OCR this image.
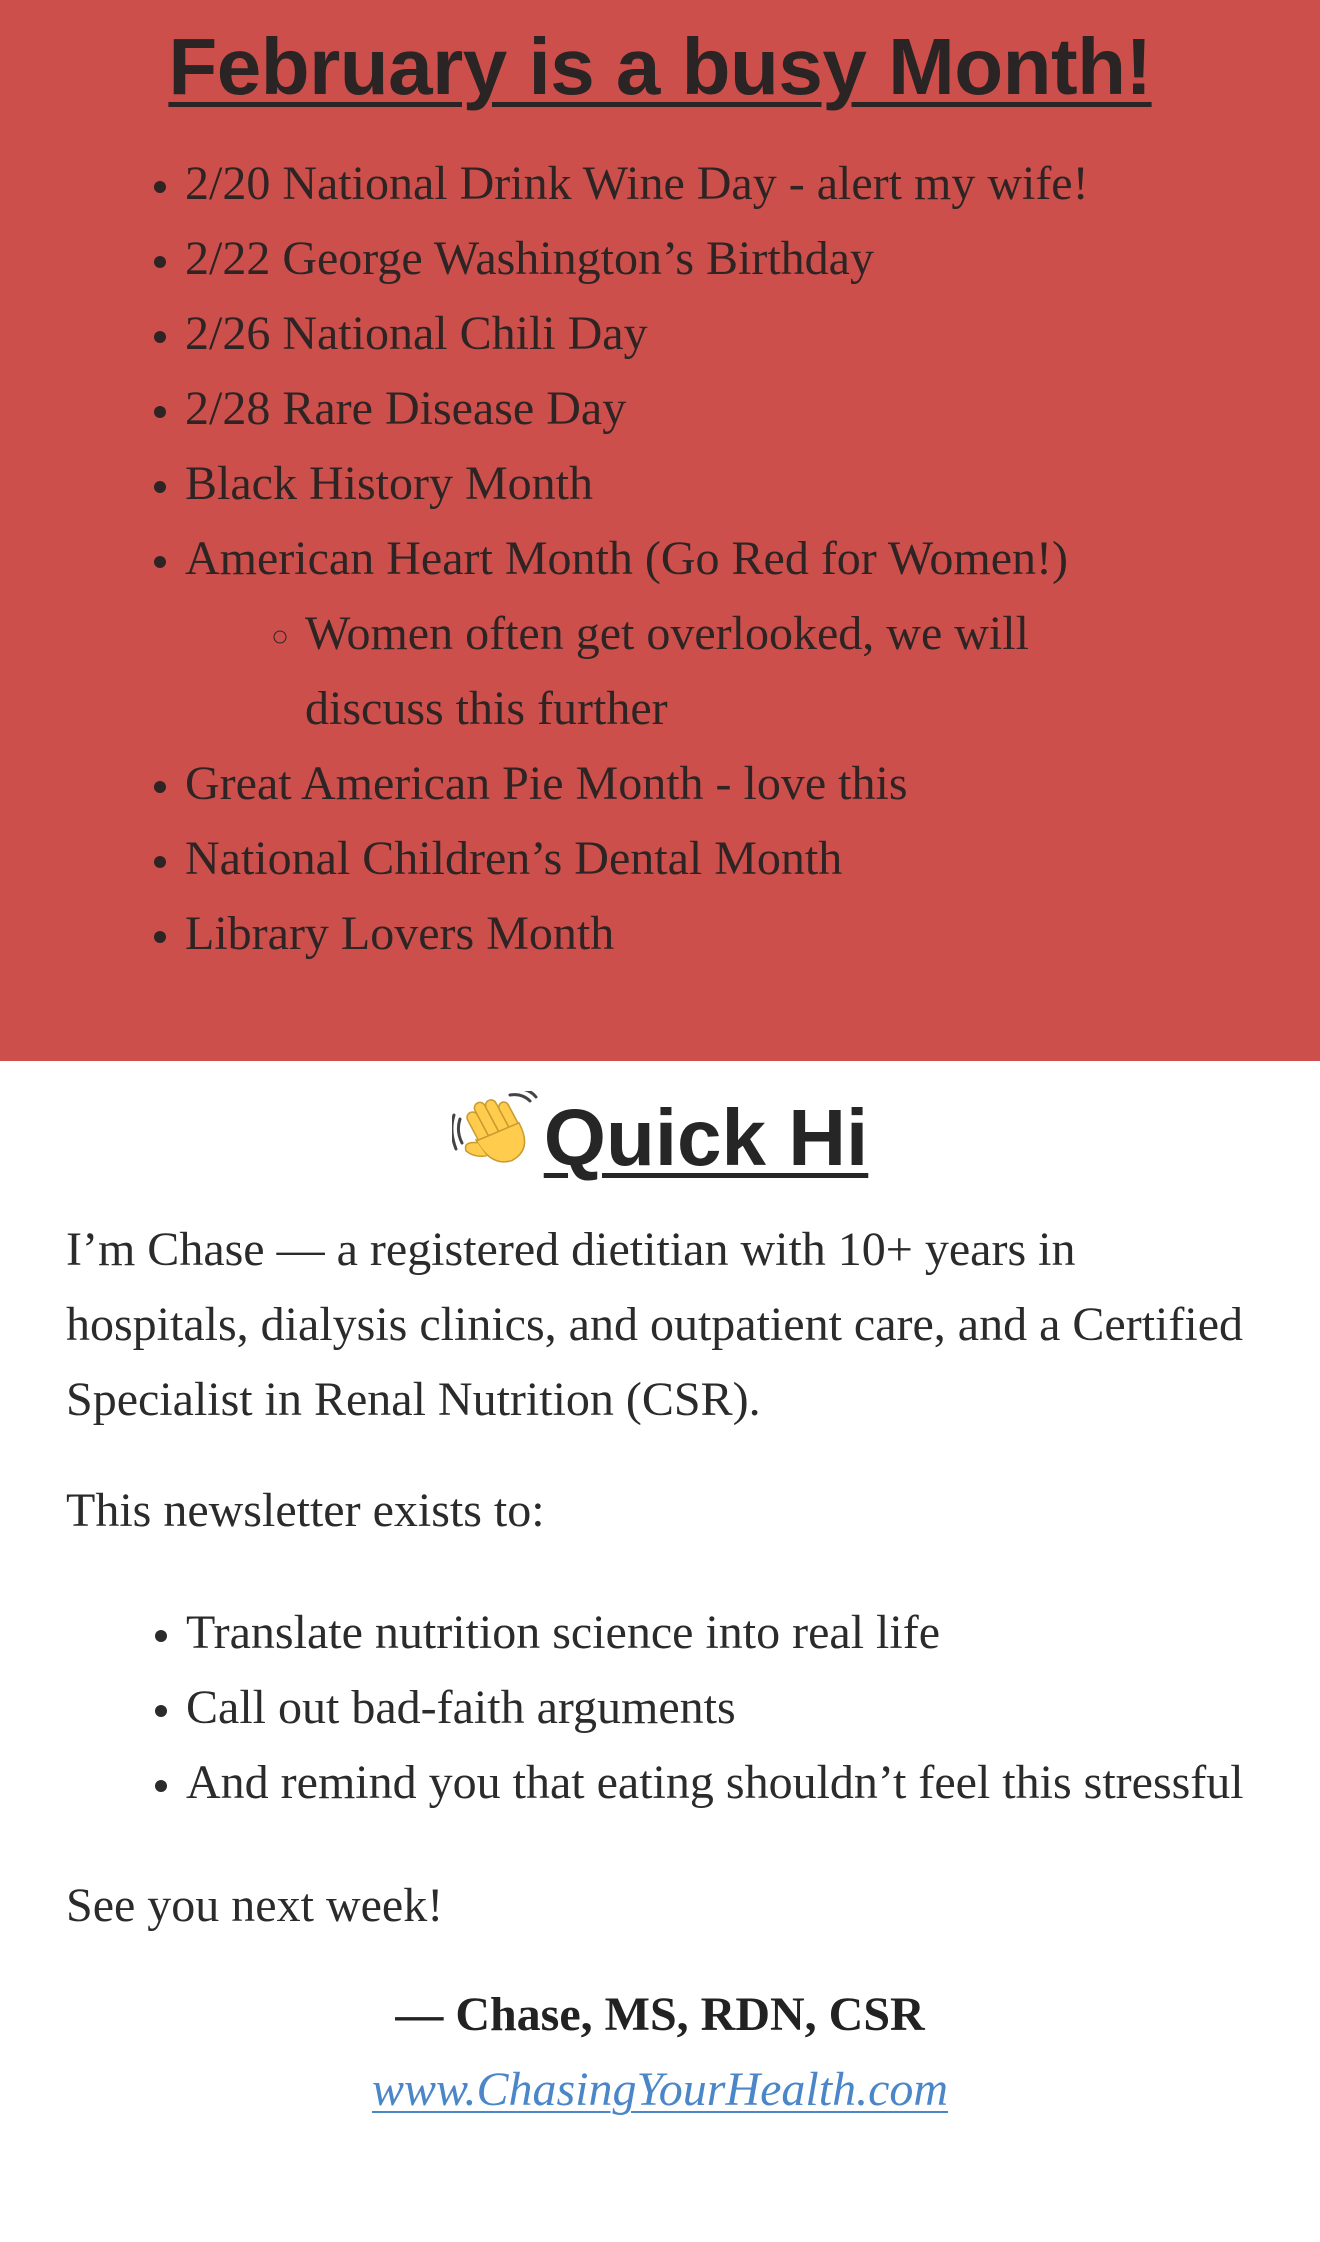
February is a busy Month!
• 2/20 National Drink Wine Day - alert my wife!
• 2/22 George Washington’s Birthday
• 2/26 National Chili Day
• 2/28 Rare Disease Day
• Black History Month
• American Heart Month (Go Red for Women!)
◦ Women often get overlooked, we will discuss this further
• Great American Pie Month - love this
• National Children’s Dental Month
• Library Lovers Month
Quick Hi

I’m Chase — a registered dietitian with 10+ years in hospitals, dialysis clinics, and outpatient care, and a Certified Specialist in Renal Nutrition (CSR).

This newsletter exists to:

• Translate nutrition science into real life
• Call out bad-faith arguments
• And remind you that eating shouldn’t feel this stressful

See you next week!

— Chase, MS, RDN, CSR

www.ChasingYourHealth.com
